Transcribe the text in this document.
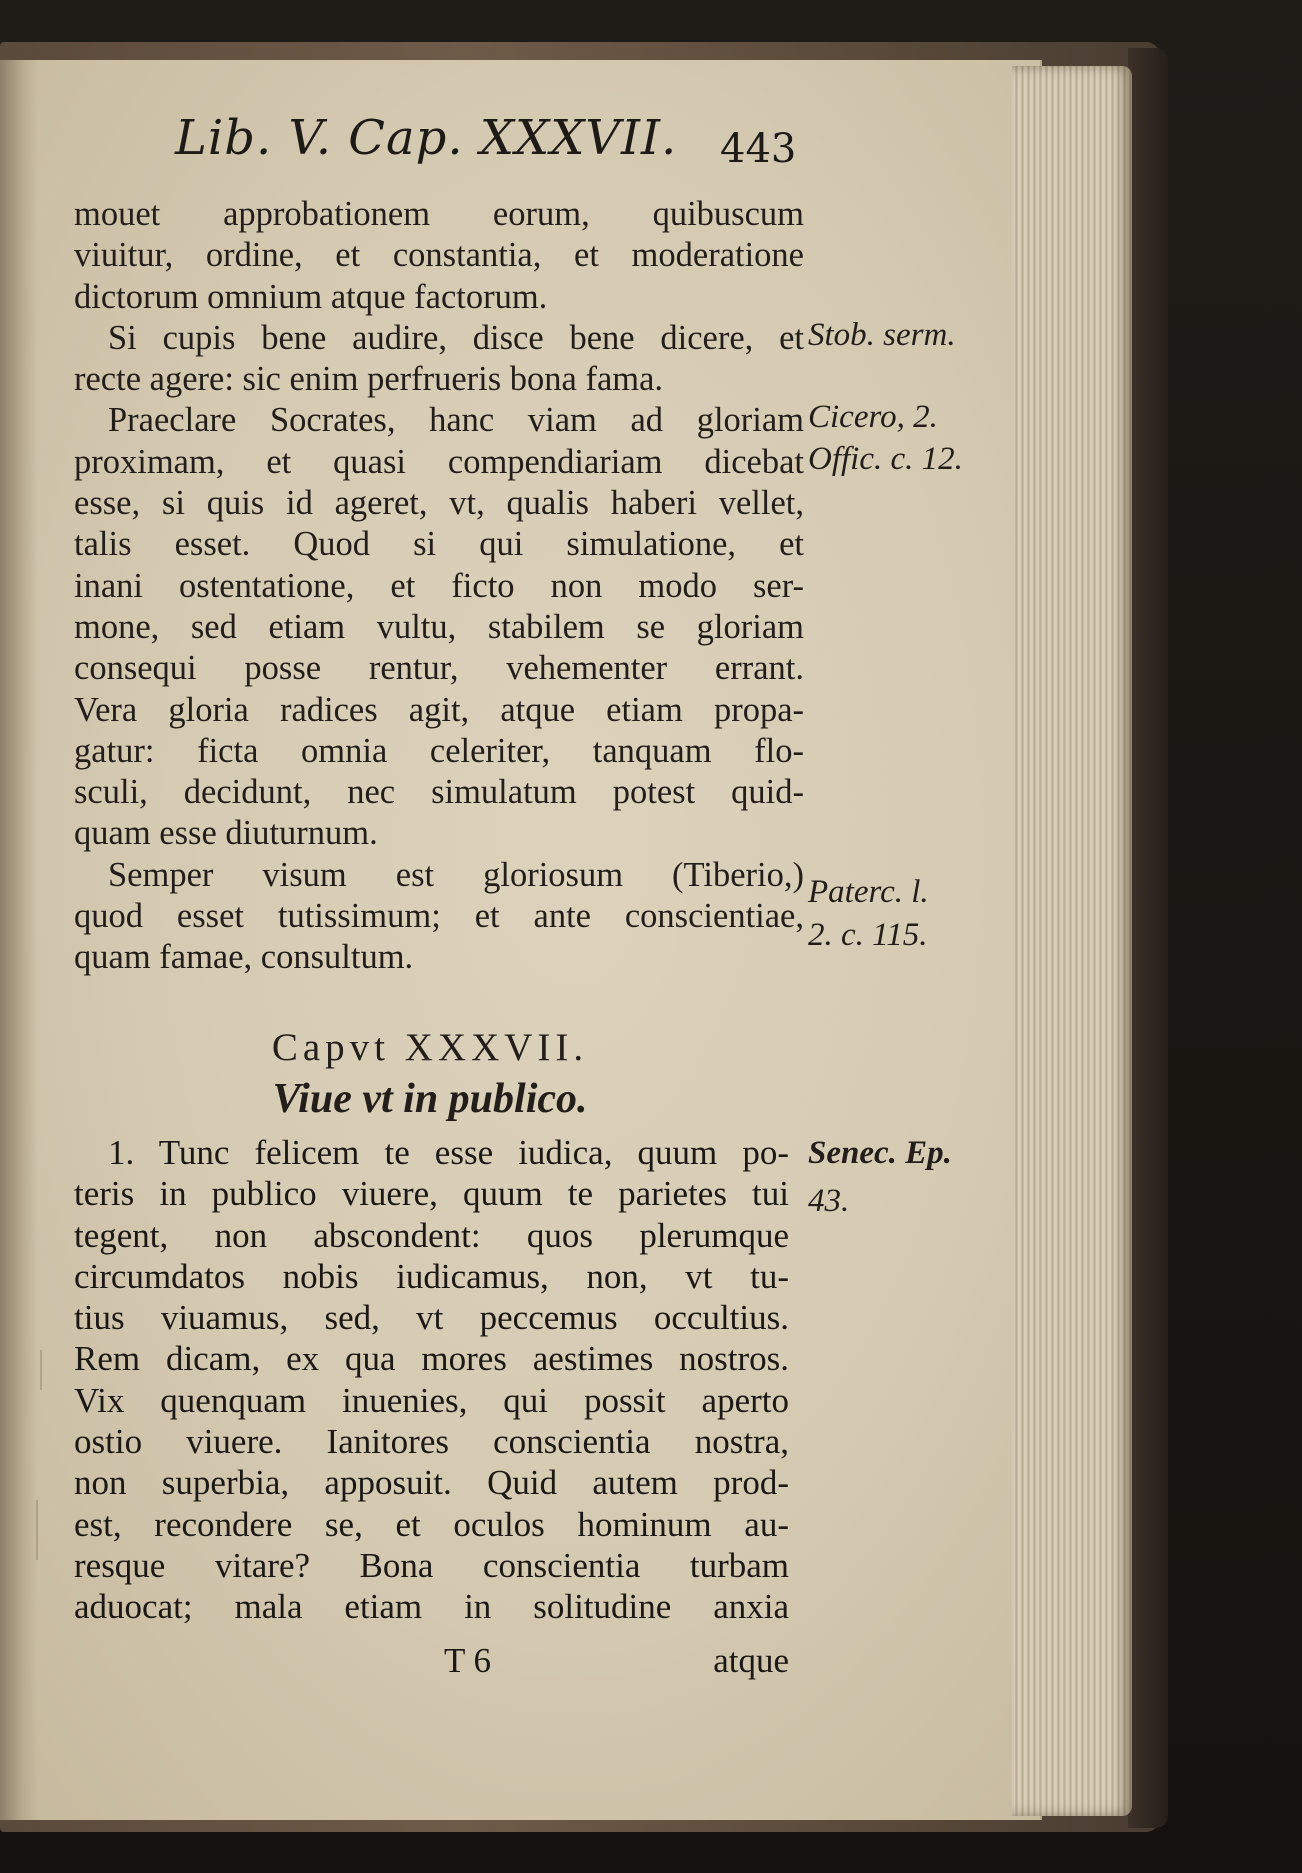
Lib. V. Cap. XXXVII. 443
mouet approbationem eorum, quibuscum
viuitur, ordine, et constantia, et moderatione
dictorum omnium atque factorum.
Si cupis bene audire, disce bene dicere, et
recte agere: sic enim perfrueris bona fama.
Praeclare Socrates, hanc viam ad gloriam
proximam, et quasi compendiariam dicebat
esse, si quis id ageret, vt, qualis haberi vellet,
talis esset. Quod si qui simulatione, et
inani ostentatione, et ficto non modo ser-
mone, sed etiam vultu, stabilem se gloriam
consequi posse rentur, vehementer errant.
Vera gloria radices agit, atque etiam propa-
gatur: ficta omnia celeriter, tanquam flo-
sculi, decidunt, nec simulatum potest quid-
quam esse diuturnum.
Semper visum est gloriosum (Tiberio,)
quod esset tutissimum; et ante conscientiae,
quam famae, consultum.
Stob. serm.
Cicero, 2.
Offic. c. 12.
Paterc. l.
2. c. 115.
Senec. Ep.
43.
Capvt XXXVII.
Viue vt in publico.
1. Tunc felicem te esse iudica, quum po-
teris in publico viuere, quum te parietes tui
tegent, non abscondent: quos plerumque
circumdatos nobis iudicamus, non, vt tu-
tius viuamus, sed, vt peccemus occultius.
Rem dicam, ex qua mores aestimes nostros.
Vix quenquam inuenies, qui possit aperto
ostio viuere. Ianitores conscientia nostra,
non superbia, apposuit. Quid autem prod-
est, recondere se, et oculos hominum au-
resque vitare? Bona conscientia turbam
aduocat; mala etiam in solitudine anxia
T 6	atque
